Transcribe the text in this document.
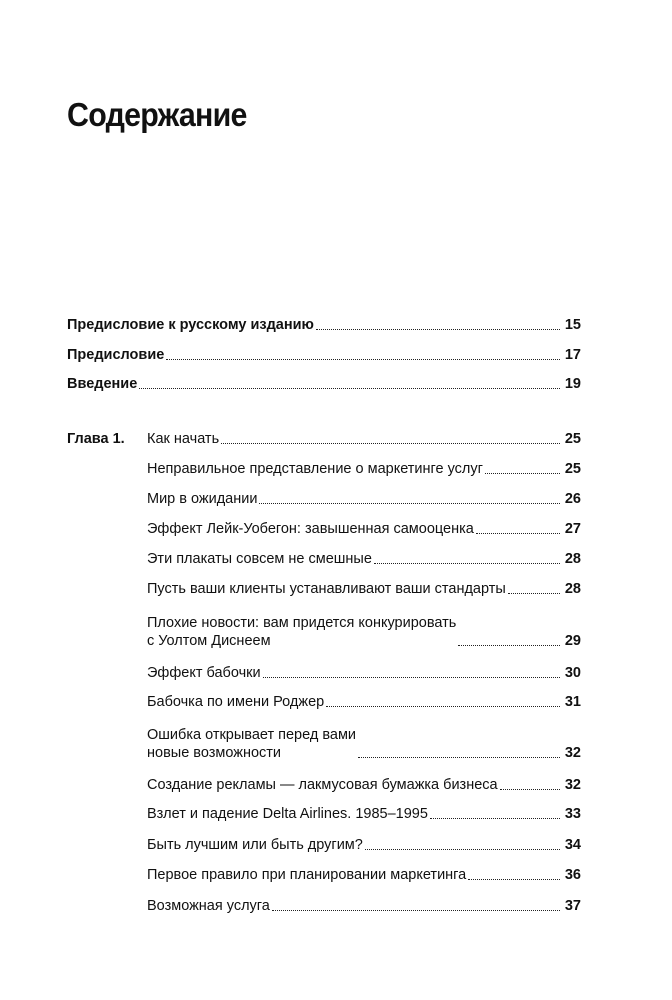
Содержание
Предисловие к русскому изданию	15
Предисловие	17
Введение	19
Глава 1. Как начать	25
Неправильное представление о маркетинге услуг	25
Мир в ожидании	26
Эффект Лейк-Уобегон: завышенная самооценка	27
Эти плакаты совсем не смешные	28
Пусть ваши клиенты устанавливают ваши стандарты	28
Плохие новости: вам придется конкурировать
с Уолтом Диснеем	29
Эффект бабочки	30
Бабочка по имени Роджер	31
Ошибка открывает перед вами
новые возможности	32
Создание рекламы — лакмусовая бумажка бизнеса	32
Взлет и падение Delta Airlines. 1985–1995	33
Быть лучшим или быть другим?	34
Первое правило при планировании маркетинга	36
Возможная услуга	37
